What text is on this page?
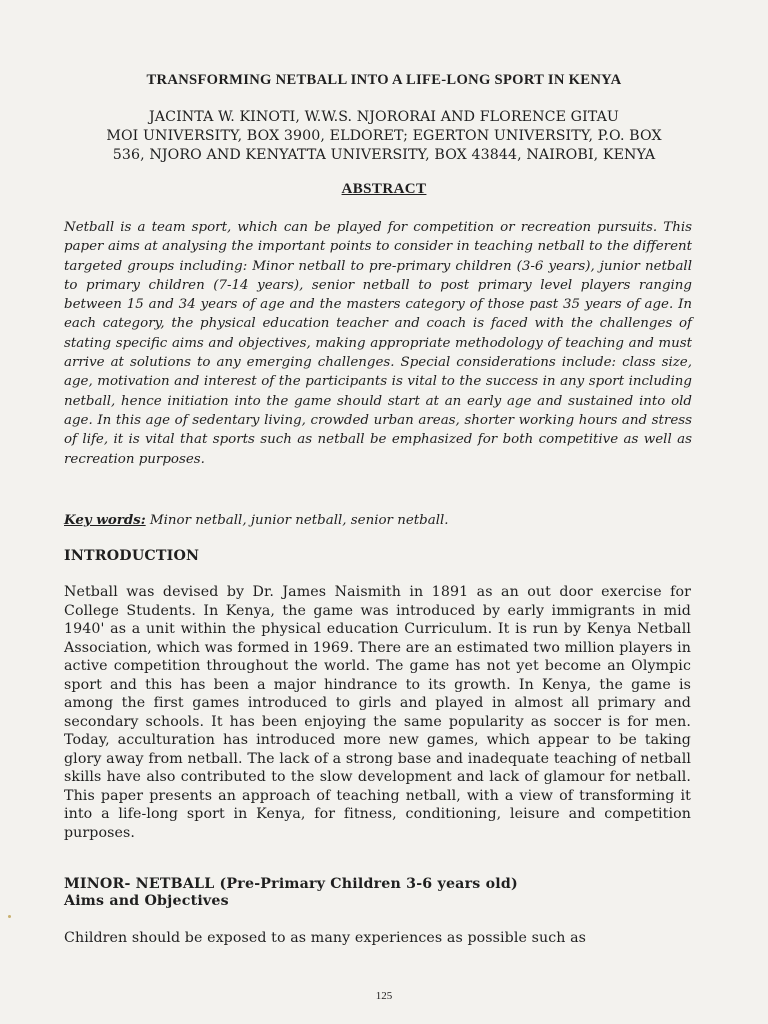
TRANSFORMING NETBALL INTO A LIFE-LONG SPORT IN KENYA
JACINTA W. KINOTI, W.W.S. NJORORAI AND FLORENCE GITAU
MOI UNIVERSITY, BOX 3900, ELDORET; EGERTON UNIVERSITY, P.O. BOX
536, NJORO AND KENYATTA UNIVERSITY, BOX 43844, NAIROBI, KENYA
ABSTRACT
Netball is a team sport, which can be played for competition or recreation pursuits. This paper aims at analysing the important points to consider in teaching netball to the different targeted groups including: Minor netball to pre-primary children (3-6 years), junior netball to primary children (7-14 years), senior netball to post primary level players ranging between 15 and 34 years of age and the masters category of those past 35 years of age. In each category, the physical education teacher and coach is faced with the challenges of stating specific aims and objectives, making appropriate methodology of teaching and must arrive at solutions to any emerging challenges. Special considerations include: class size, age, motivation and interest of the participants is vital to the success in any sport including netball, hence initiation into the game should start at an early age and sustained into old age. In this age of sedentary living, crowded urban areas, shorter working hours and stress of life, it is vital that sports such as netball be emphasized for both competitive as well as recreation purposes.
Key words: Minor netball, junior netball, senior netball.
INTRODUCTION
Netball was devised by Dr. James Naismith in 1891 as an out door exercise for College Students. In Kenya, the game was introduced by early immigrants in mid 1940' as a unit within the physical education Curriculum. It is run by Kenya Netball Association, which was formed in 1969. There are an estimated two million players in active competition throughout the world. The game has not yet become an Olympic sport and this has been a major hindrance to its growth. In Kenya, the game is among the first games introduced to girls and played in almost all primary and secondary schools. It has been enjoying the same popularity as soccer is for men. Today, acculturation has introduced more new games, which appear to be taking glory away from netball. The lack of a strong base and inadequate teaching of netball skills have also contributed to the slow development and lack of glamour for netball. This paper presents an approach of teaching netball, with a view of transforming it into a life-long sport in Kenya, for fitness, conditioning, leisure and competition purposes.
MINOR- NETBALL (Pre-Primary Children 3-6 years old)
Aims and Objectives
Children should be exposed to as many experiences as possible such as
125
